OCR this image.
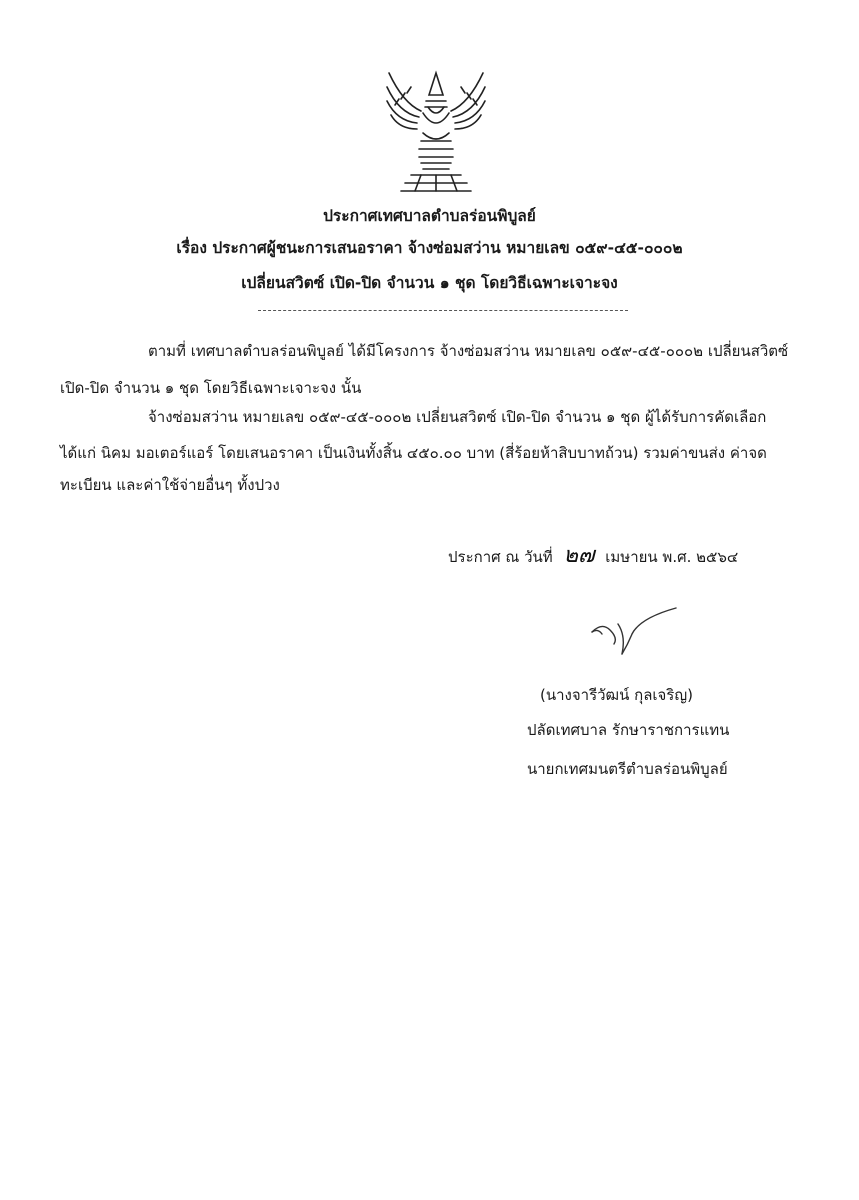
ประกาศเทศบาลตำบลร่อนพิบูลย์
เรื่อง ประกาศผู้ชนะการเสนอราคา จ้างซ่อมสว่าน หมายเลข ๐๕๙-๔๕-๐๐๐๒
เปลี่ยนสวิตซ์ เปิด-ปิด จำนวน ๑ ชุด โดยวิธีเฉพาะเจาะจง
ตามที่ เทศบาลตำบลร่อนพิบูลย์ ได้มีโครงการ จ้างซ่อมสว่าน หมายเลข ๐๕๙-๔๕-๐๐๐๒ เปลี่ยนสวิตซ์
เปิด-ปิด จำนวน ๑ ชุด โดยวิธีเฉพาะเจาะจง นั้น
จ้างซ่อมสว่าน หมายเลข ๐๕๙-๔๕-๐๐๐๒ เปลี่ยนสวิตซ์ เปิด-ปิด จำนวน ๑ ชุด ผู้ได้รับการคัดเลือก
ได้แก่ นิคม มอเตอร์แอร์ โดยเสนอราคา เป็นเงินทั้งสิ้น ๔๕๐.๐๐ บาท (สี่ร้อยห้าสิบบาทถ้วน) รวมค่าขนส่ง ค่าจด
ทะเบียน และค่าใช้จ่ายอื่นๆ ทั้งปวง
ประกาศ ณ วันที่ ๒๗ เมษายน พ.ศ. ๒๕๖๔
(นางจารีวัฒน์ กุลเจริญ)
ปลัดเทศบาล รักษาราชการแทน
นายกเทศมนตรีตำบลร่อนพิบูลย์
